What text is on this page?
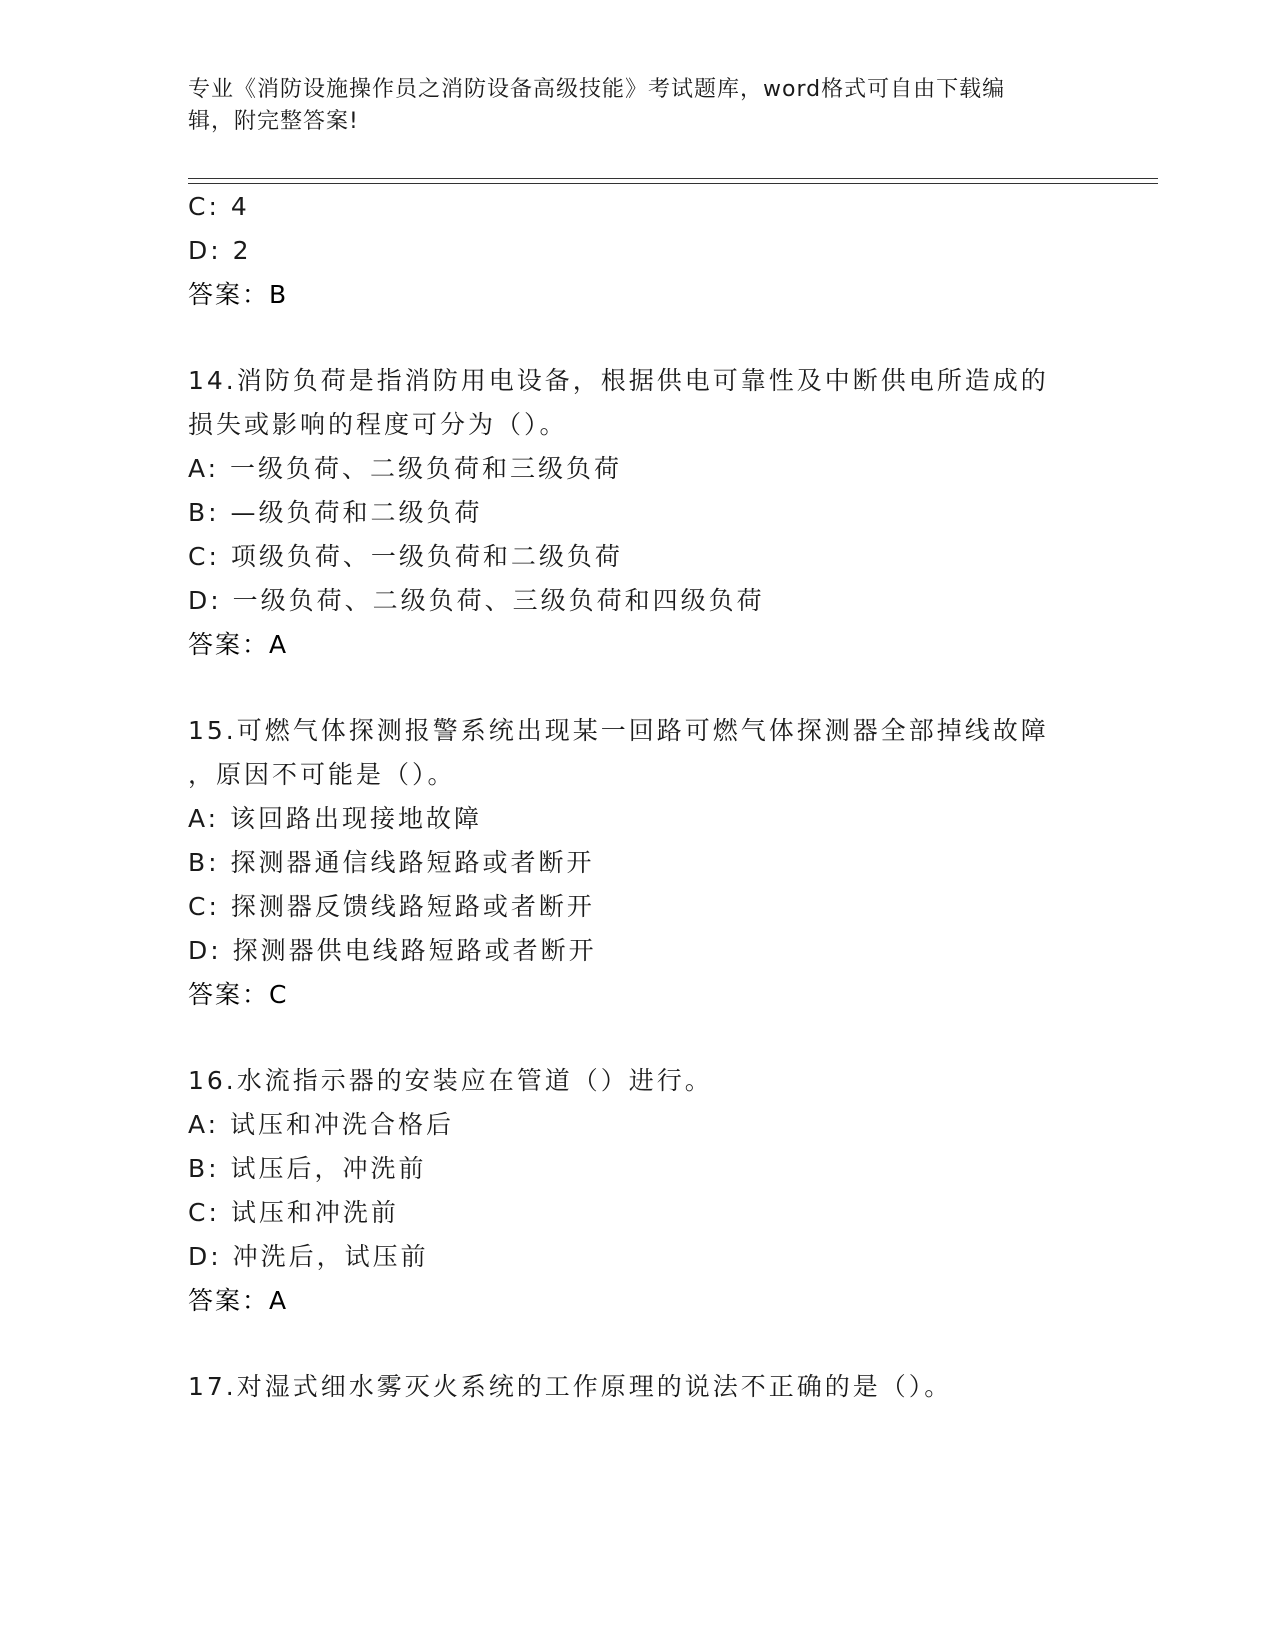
专业《消防设施操作员之消防设备高级技能》考试题库，word格式可自由下载编
辑，附完整答案!
C: 4
D: 2
答案：B
14.消防负荷是指消防用电设备，根据供电可靠性及中断供电所造成的
损失或影响的程度可分为（）。
A: 一级负荷、二级负荷和三级负荷
B: —级负荷和二级负荷
C: 项级负荷、一级负荷和二级负荷
D: 一级负荷、二级负荷、三级负荷和四级负荷
答案：A
15.可燃气体探测报警系统出现某一回路可燃气体探测器全部掉线故障
，原因不可能是（）。
A: 该回路出现接地故障
B: 探测器通信线路短路或者断开
C: 探测器反馈线路短路或者断开
D: 探测器供电线路短路或者断开
答案：C
16.水流指示器的安装应在管道（）进行。
A: 试压和冲洗合格后
B: 试压后，冲洗前
C: 试压和冲洗前
D: 冲洗后，试压前
答案：A
17.对湿式细水雾灭火系统的工作原理的说法不正确的是（）。
